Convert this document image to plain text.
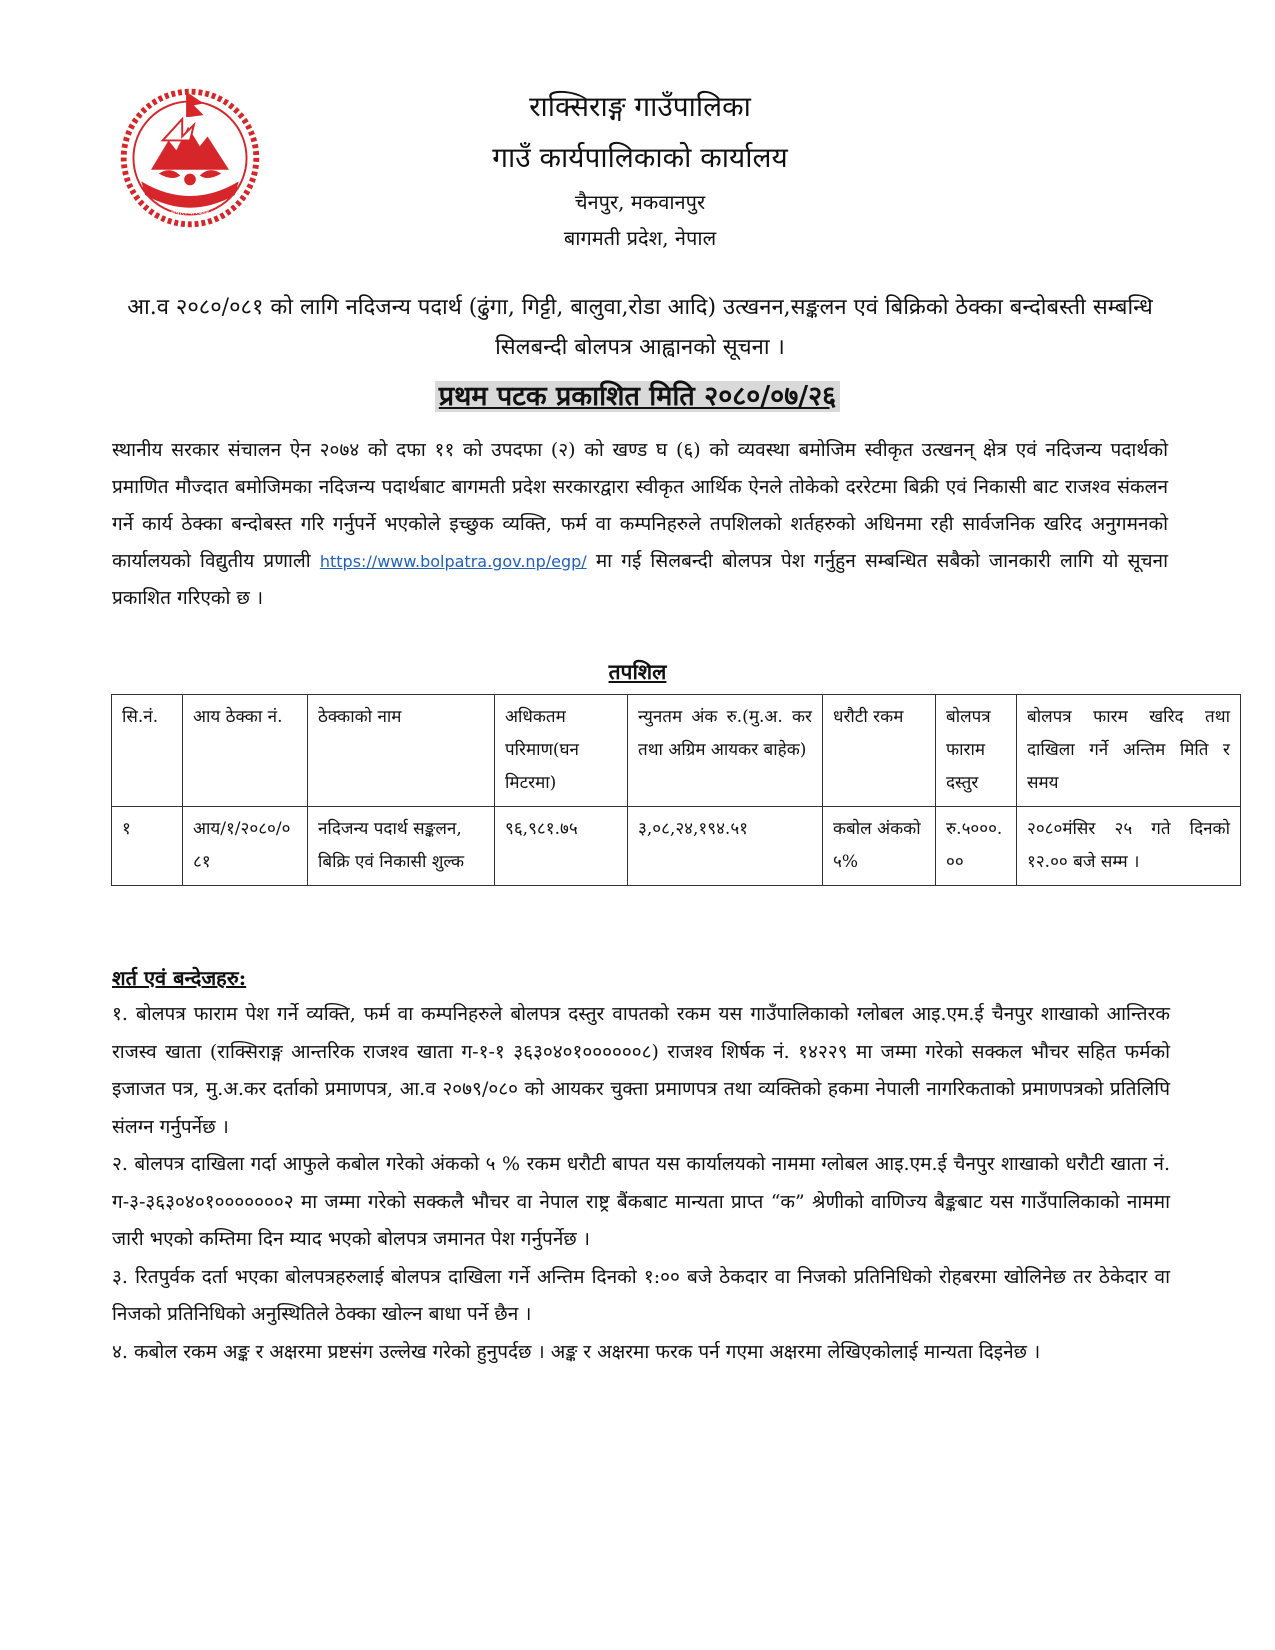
नेपाल सरकार
राक्सिराङ्ग गाउँपालिका
गाउँ कार्यपालिकाको कार्यालय
चैनपुर, मकवानपुर
बागमती प्रदेश, नेपाल
आ.व २०८०/०८१ को लागि नदिजन्य पदार्थ (ढुंगा, गिट्टी, बालुवा,रोडा आदि) उत्खनन,सङ्कलन एवं बिक्रिको ठेक्का बन्दोबस्ती सम्बन्धि सिलबन्दी बोलपत्र आह्वानको सूचना ।
प्रथम पटक प्रकाशित मिति २०८०/०७/२६
स्थानीय सरकार संचालन ऐन २०७४ को दफा ११ को उपदफा (२) को खण्ड घ (६) को व्यवस्था बमोजिम स्वीकृत उत्खनन् क्षेत्र एवं नदिजन्य पदार्थको प्रमाणित मौज्दात बमोजिमका नदिजन्य पदार्थबाट बागमती प्रदेश सरकारद्वारा स्वीकृत आर्थिक ऐनले तोकेको दररेटमा बिक्री एवं निकासी बाट राजश्व संकलन गर्ने कार्य ठेक्का बन्दोबस्त गरि गर्नुपर्ने भएकोले इच्छुक व्यक्ति, फर्म वा कम्पनिहरुले तपशिलको शर्तहरुको अधिनमा रही सार्वजनिक खरिद अनुगमनको कार्यालयको विद्युतीय प्रणाली https://www.bolpatra.gov.np/egp/ मा गई सिलबन्दी बोलपत्र पेश गर्नुहुन सम्बन्धित सबैको जानकारी लागि यो सूचना प्रकाशित गरिएको छ ।
तपशिल
सि.नं.	आय ठेक्का नं.	ठेक्काको नाम	अधिकतम परिमाण(घन मिटरमा)	न्युनतम अंक रु.(मु.अ. कर तथा अग्रिम आयकर बाहेक)	धरौटी रकम	बोलपत्र फाराम दस्तुर	बोलपत्र फारम खरिद तथा दाखिला गर्ने अन्तिम मिति र समय
१	आय/१/२०८०/०८१	नदिजन्य पदार्थ सङ्कलन, बिक्रि एवं निकासी शुल्क	९६,९८१.७५	३,०८,२४,१९४.५१	कबोल अंकको ५%	रु.५०००.००	२०८०मंसिर २५ गते दिनको १२.०० बजे सम्म ।
शर्त एवं बन्देजहरु:

१. बोलपत्र फाराम पेश गर्ने व्यक्ति, फर्म वा कम्पनिहरुले बोलपत्र दस्तुर वापतको रकम यस गाउँपालिकाको ग्लोबल आइ.एम.ई चैनपुर शाखाको आन्तिरक राजस्व खाता (राक्सिराङ्ग आन्तरिक राजश्व खाता ग-१-१ ३६३०४०१००००००८) राजश्व शिर्षक नं. १४२२९ मा जम्मा गरेको सक्कल भौचर सहित फर्मको इजाजत पत्र, मु.अ.कर दर्ताको प्रमाणपत्र, आ.व २०७९/०८० को आयकर चुक्ता प्रमाणपत्र तथा व्यक्तिको हकमा नेपाली नागरिकताको प्रमाणपत्रको प्रतिलिपि संलग्न गर्नुपर्नेछ ।

२. बोलपत्र दाखिला गर्दा आफुले कबोल गरेको अंकको ५ % रकम धरौटी बापत यस कार्यालयको नाममा ग्लोबल आइ.एम.ई चैनपुर शाखाको धरौटी खाता नं. ग-३-३६३०४०१०००००००२ मा जम्मा गरेको सक्कलै भौचर वा नेपाल राष्ट्र बैंकबाट मान्यता प्राप्त “क” श्रेणीको वाणिज्य बैङ्कबाट यस गाउँपालिकाको नाममा जारी भएको कम्तिमा दिन म्याद भएको बोलपत्र जमानत पेश गर्नुपर्नेछ ।

३. रितपुर्वक दर्ता भएका बोलपत्रहरुलाई बोलपत्र दाखिला गर्ने अन्तिम दिनको १:०० बजे ठेकदार वा निजको प्रतिनिधिको रोहबरमा खोलिनेछ तर ठेकेदार वा निजको प्रतिनिधिको अनुस्थितिले ठेक्का खोल्न बाधा पर्ने छैन ।

४. कबोल रकम अङ्क र अक्षरमा प्रष्टसंग उल्लेख गरेको हुनुपर्दछ । अङ्क र अक्षरमा फरक पर्न गएमा अक्षरमा लेखिएकोलाई मान्यता दिइनेछ ।
